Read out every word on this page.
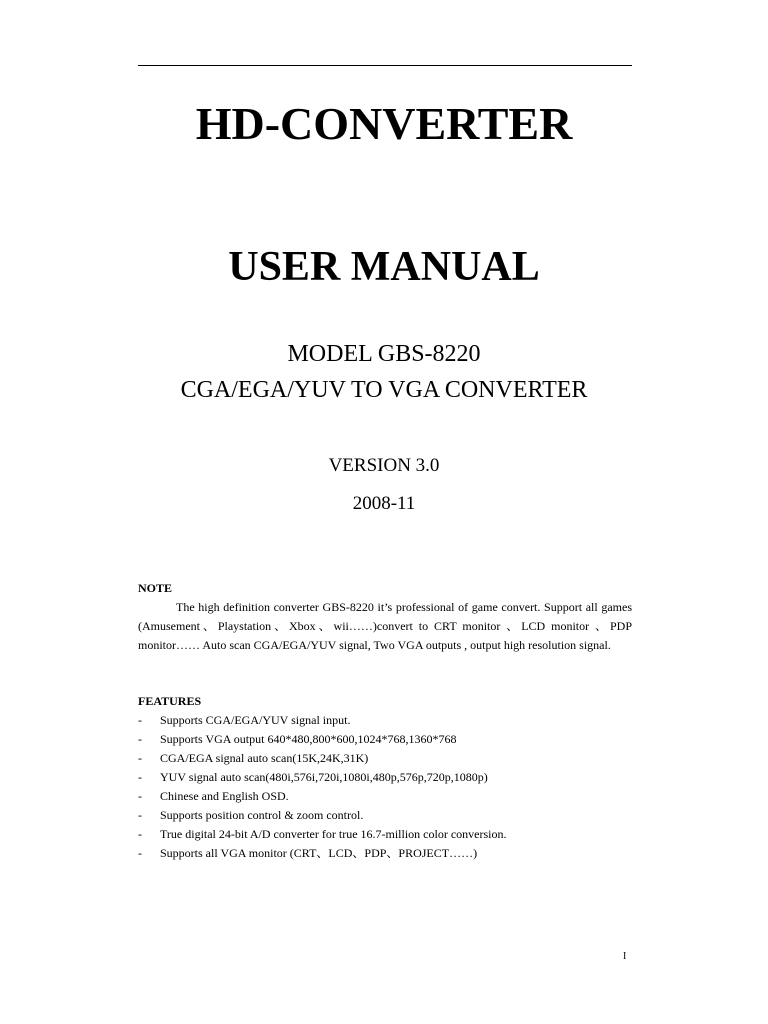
HD-CONVERTER
USER MANUAL
MODEL GBS-8220
CGA/EGA/YUV TO VGA CONVERTER
VERSION 3.0
2008-11

NOTE

The high definition converter GBS-8220 it’s professional of game convert. Support all games (Amusement、Playstation、Xbox、wii……)convert to CRT monitor 、LCD monitor 、PDP monitor…… Auto scan CGA/EGA/YUV signal, Two VGA outputs , output high resolution signal.

FEATURES

- Supports CGA/EGA/YUV signal input.
- Supports VGA output 640*480,800*600,1024*768,1360*768
- CGA/EGA signal auto scan(15K,24K,31K)
- YUV signal auto scan(480i,576i,720i,1080i,480p,576p,720p,1080p)
- Chinese and English OSD.
- Supports position control & zoom control.
- True digital 24-bit A/D converter for true 16.7-million color conversion.
- Supports all VGA monitor (CRT、LCD、PDP、PROJECT……)
I
